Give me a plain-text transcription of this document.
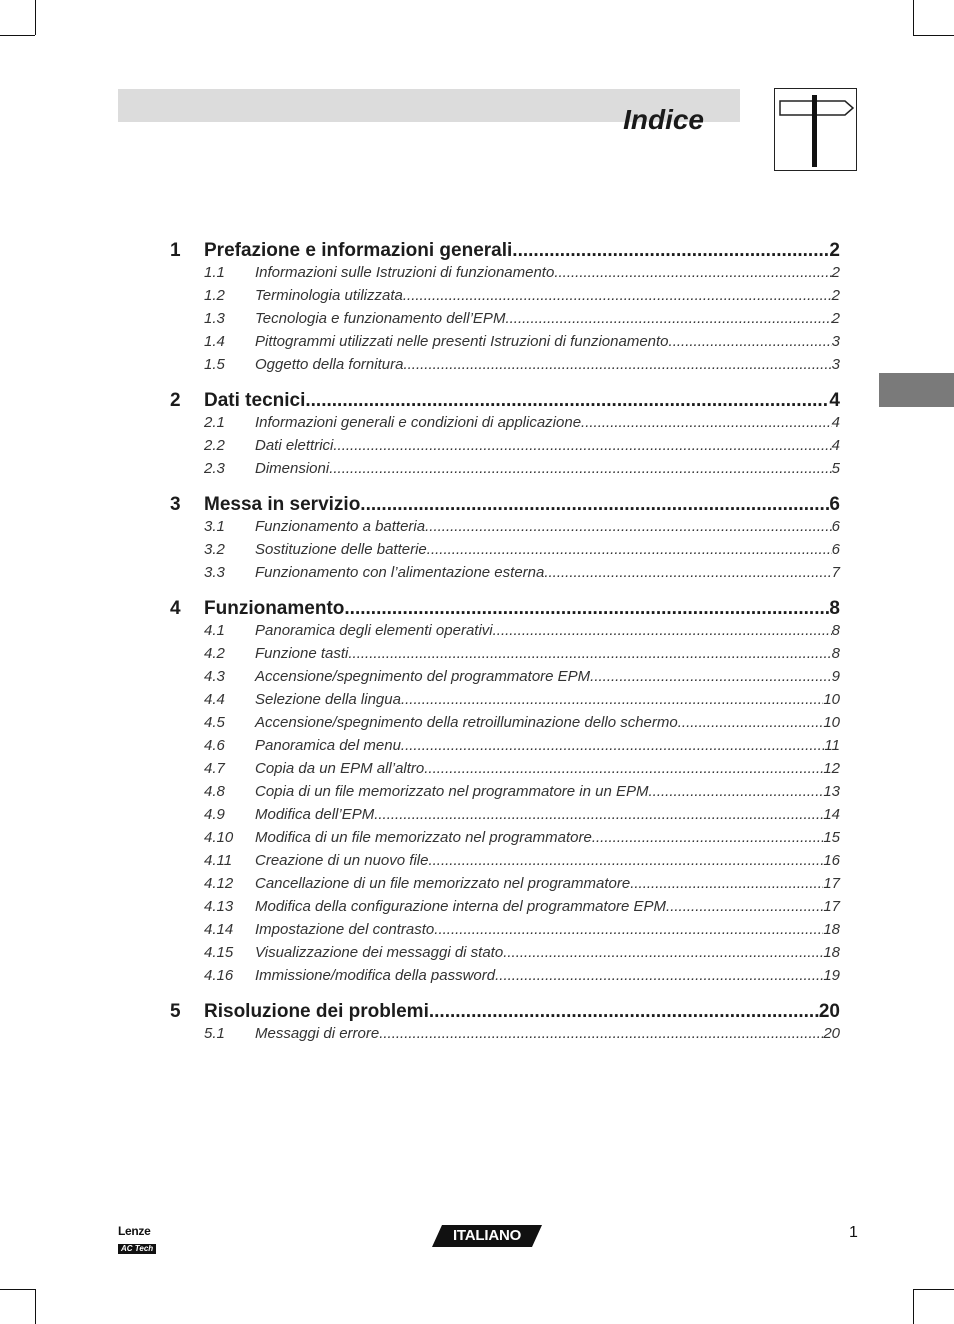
Indice
1	Prefazione e informazioni generali .....	2
1.1	Informazioni sulle Istruzioni di funzionamento .....	2
1.2	Terminologia utilizzata .....	2
1.3	Tecnologia e funzionamento dell’EPM .....	2
1.4	Pittogrammi utilizzati nelle presenti Istruzioni di funzionamento .....	3
1.5	Oggetto della fornitura .....	3
2	Dati tecnici .....	4
2.1	Informazioni generali e condizioni di applicazione .....	4
2.2	Dati elettrici .....	4
2.3	Dimensioni .....	5
3	Messa in servizio .....	6
3.1	Funzionamento a batteria .....	6
3.2	Sostituzione delle batterie .....	6
3.3	Funzionamento con l’alimentazione esterna .....	7
4	Funzionamento .....	8
4.1	Panoramica degli elementi operativi .....	8
4.2	Funzione tasti .....	8
4.3	Accensione/spegnimento del programmatore EPM .....	9
4.4	Selezione della lingua .....	10
4.5	Accensione/spegnimento della retroilluminazione dello schermo .....	10
4.6	Panoramica del menu .....	11
4.7	Copia da un EPM all’altro .....	12
4.8	Copia di un file memorizzato nel programmatore in un EPM .....	13
4.9	Modifica dell’EPM .....	14
4.10	Modifica di un file memorizzato nel programmatore .....	15
4.11	Creazione di un nuovo file .....	16
4.12	Cancellazione di un file memorizzato nel programmatore .....	17
4.13	Modifica della configurazione interna del programmatore EPM .....	17
4.14	Impostazione del contrasto .....	18
4.15	Visualizzazione dei messaggi di stato .....	18
4.16	Immissione/modifica della password .....	19
5	Risoluzione dei problemi .....	20
5.1	Messaggi di errore .....	20
Lenze
AC Tech
ITALIANO	1
